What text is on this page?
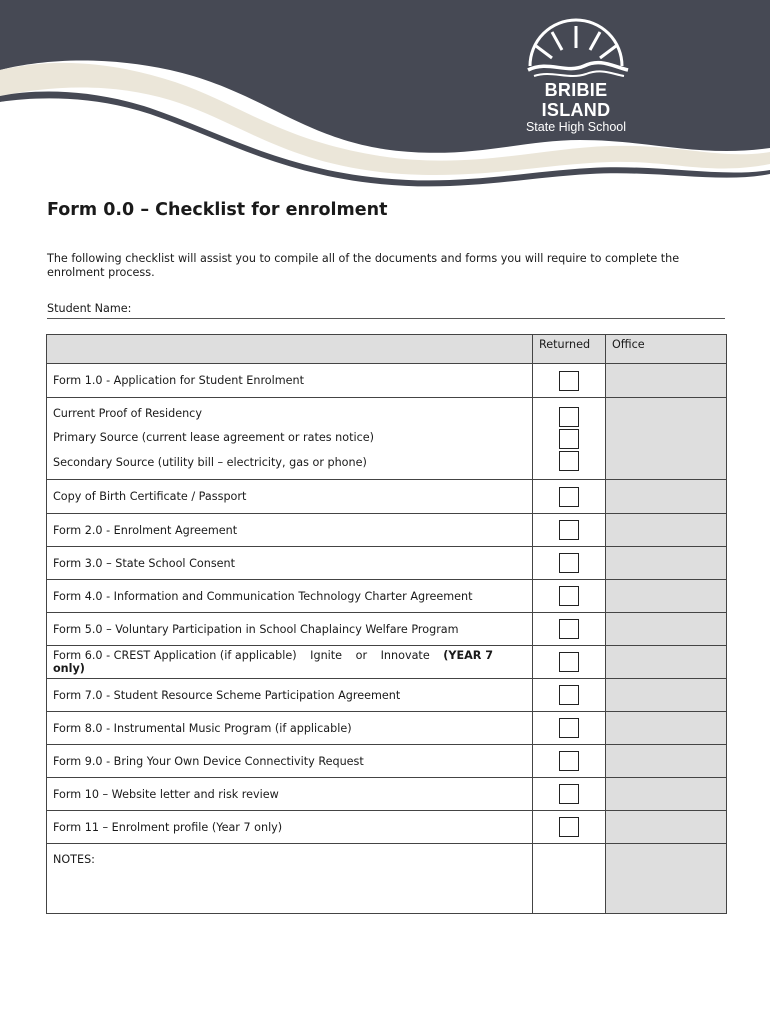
BRIBIE ISLAND
State High School
Form 0.0 – Checklist for enrolment

The following checklist will assist you to compile all of the documents and forms you will require to complete the enrolment process.

Student Name:
	Returned	Office
Form 1.0 - Application for Student Enrolment	

Current Proof of Residency

Primary Source (current lease agreement or rates notice)

Secondary Source (utility bill – electricity, gas or phone)		

Copy of Birth Certificate / Passport	

Form 2.0 - Enrolment Agreement	

Form 3.0 – State School Consent	

Form 4.0 - Information and Communication Technology Charter Agreement	

Form 5.0 – Voluntary Participation in School Chaplaincy Welfare Program	

Form 6.0 - CREST Application (if applicable) Ignite or Innovate (YEAR 7 only)	

Form 7.0 - Student Resource Scheme Participation Agreement	

Form 8.0 - Instrumental Music Program (if applicable)	

Form 9.0 - Bring Your Own Device Connectivity Request	

Form 10 – Website letter and risk review	

Form 11 – Enrolment profile (Year 7 only)	

NOTES:		
